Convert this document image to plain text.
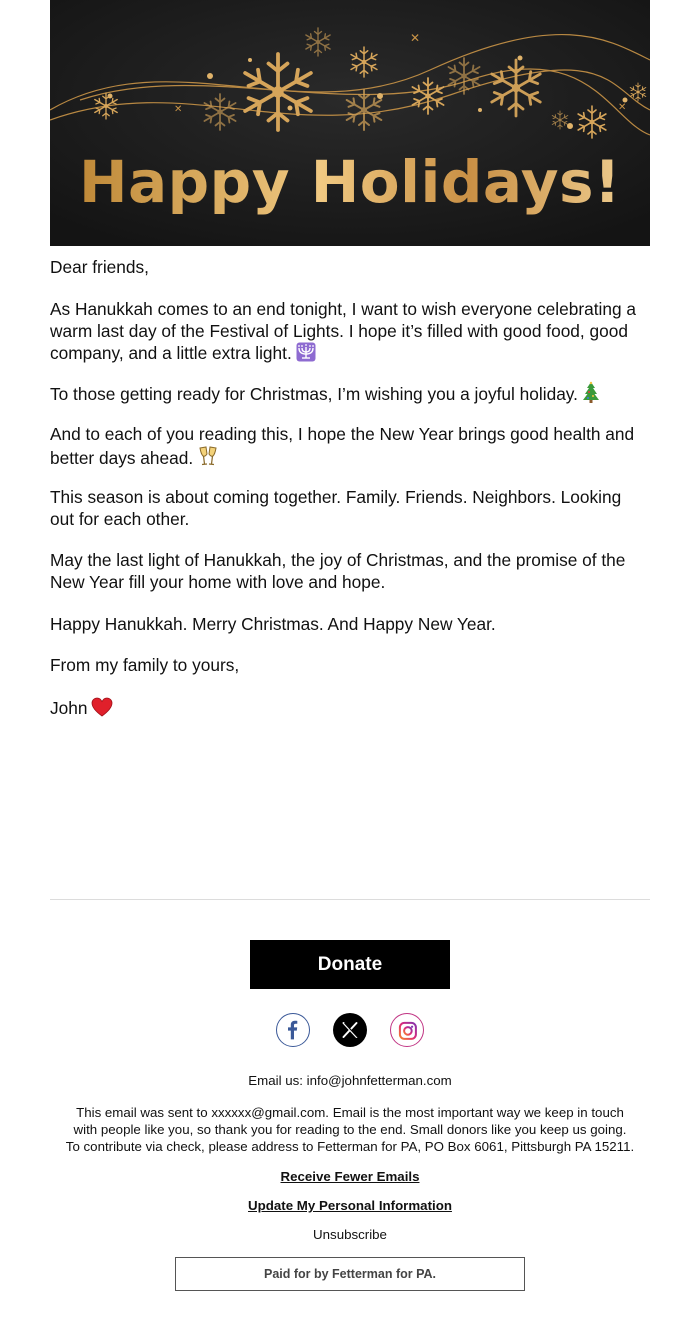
✕
✕	✕
Happy Holidays!

Dear friends,

As Hanukkah comes to an end tonight, I want to wish everyone celebrating a warm last day of the Festival of Lights. I hope it’s filled with good food, good company, and a little extra light.

To those getting ready for Christmas, I’m wishing you a joyful holiday.

And to each of you reading this, I hope the New Year brings good health and better days ahead.

This season is about coming together. Family. Friends. Neighbors. Looking out for each other.

May the last light of Hanukkah, the joy of Christmas, and the promise of the New Year fill your home with love and hope.

Happy Hanukkah. Merry Christmas. And Happy New Year.

From my family to yours,

John

Donate
Email us: info@johnfetterman.com

This email was sent to xxxxxx@gmail.com. Email is the most important way we keep in touch

with people like you, so thank you for reading to the end. Small donors like you keep us going.

To contribute via check, please address to Fetterman for PA, PO Box 6061, Pittsburgh PA 15211.

Receive Fewer Emails
Update My Personal Information
Unsubscribe
Paid for by Fetterman for PA.
